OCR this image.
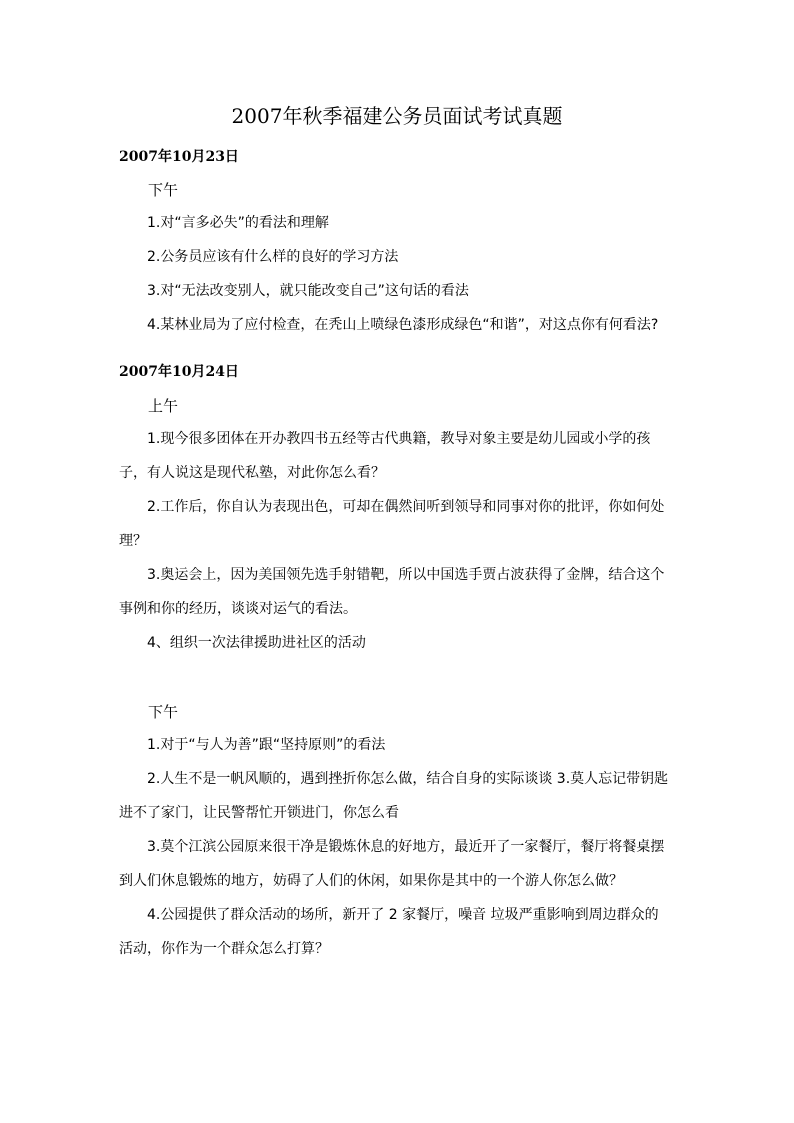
2007年秋季福建公务员面试考试真题
2007年10月23日
下午

1.对“言多必失”的看法和理解

2.公务员应该有什么样的良好的学习方法

3.对“无法改变别人，就只能改变自己”这句话的看法

4.某林业局为了应付检查，在秃山上喷绿色漆形成绿色“和谐”，对这点你有何看法?

2007年10月24日
上午

1.现今很多团体在开办教四书五经等古代典籍，教导对象主要是幼儿园或小学的孩子，有人说这是现代私塾，对此你怎么看？

2.工作后，你自认为表现出色，可却在偶然间听到领导和同事对你的批评，你如何处理？

3.奥运会上，因为美国领先选手射错靶，所以中国选手贾占波获得了金牌，结合这个事例和你的经历，谈谈对运气的看法。

4、组织一次法律援助进社区的活动

下午

1.对于“与人为善”跟“坚持原则”的看法

2.人生不是一帆风顺的，遇到挫折你怎么做，结合自身的实际谈谈 3.莫人忘记带钥匙进不了家门，让民警帮忙开锁进门，你怎么看

3.莫个江滨公园原来很干净是锻炼休息的好地方，最近开了一家餐厅，餐厅将餐桌摆到人们休息锻炼的地方，妨碍了人们的休闲，如果你是其中的一个游人你怎么做？

4.公园提供了群众活动的场所，新开了 2 家餐厅，噪音 垃圾严重影响到周边群众的活动，你作为一个群众怎么打算？
